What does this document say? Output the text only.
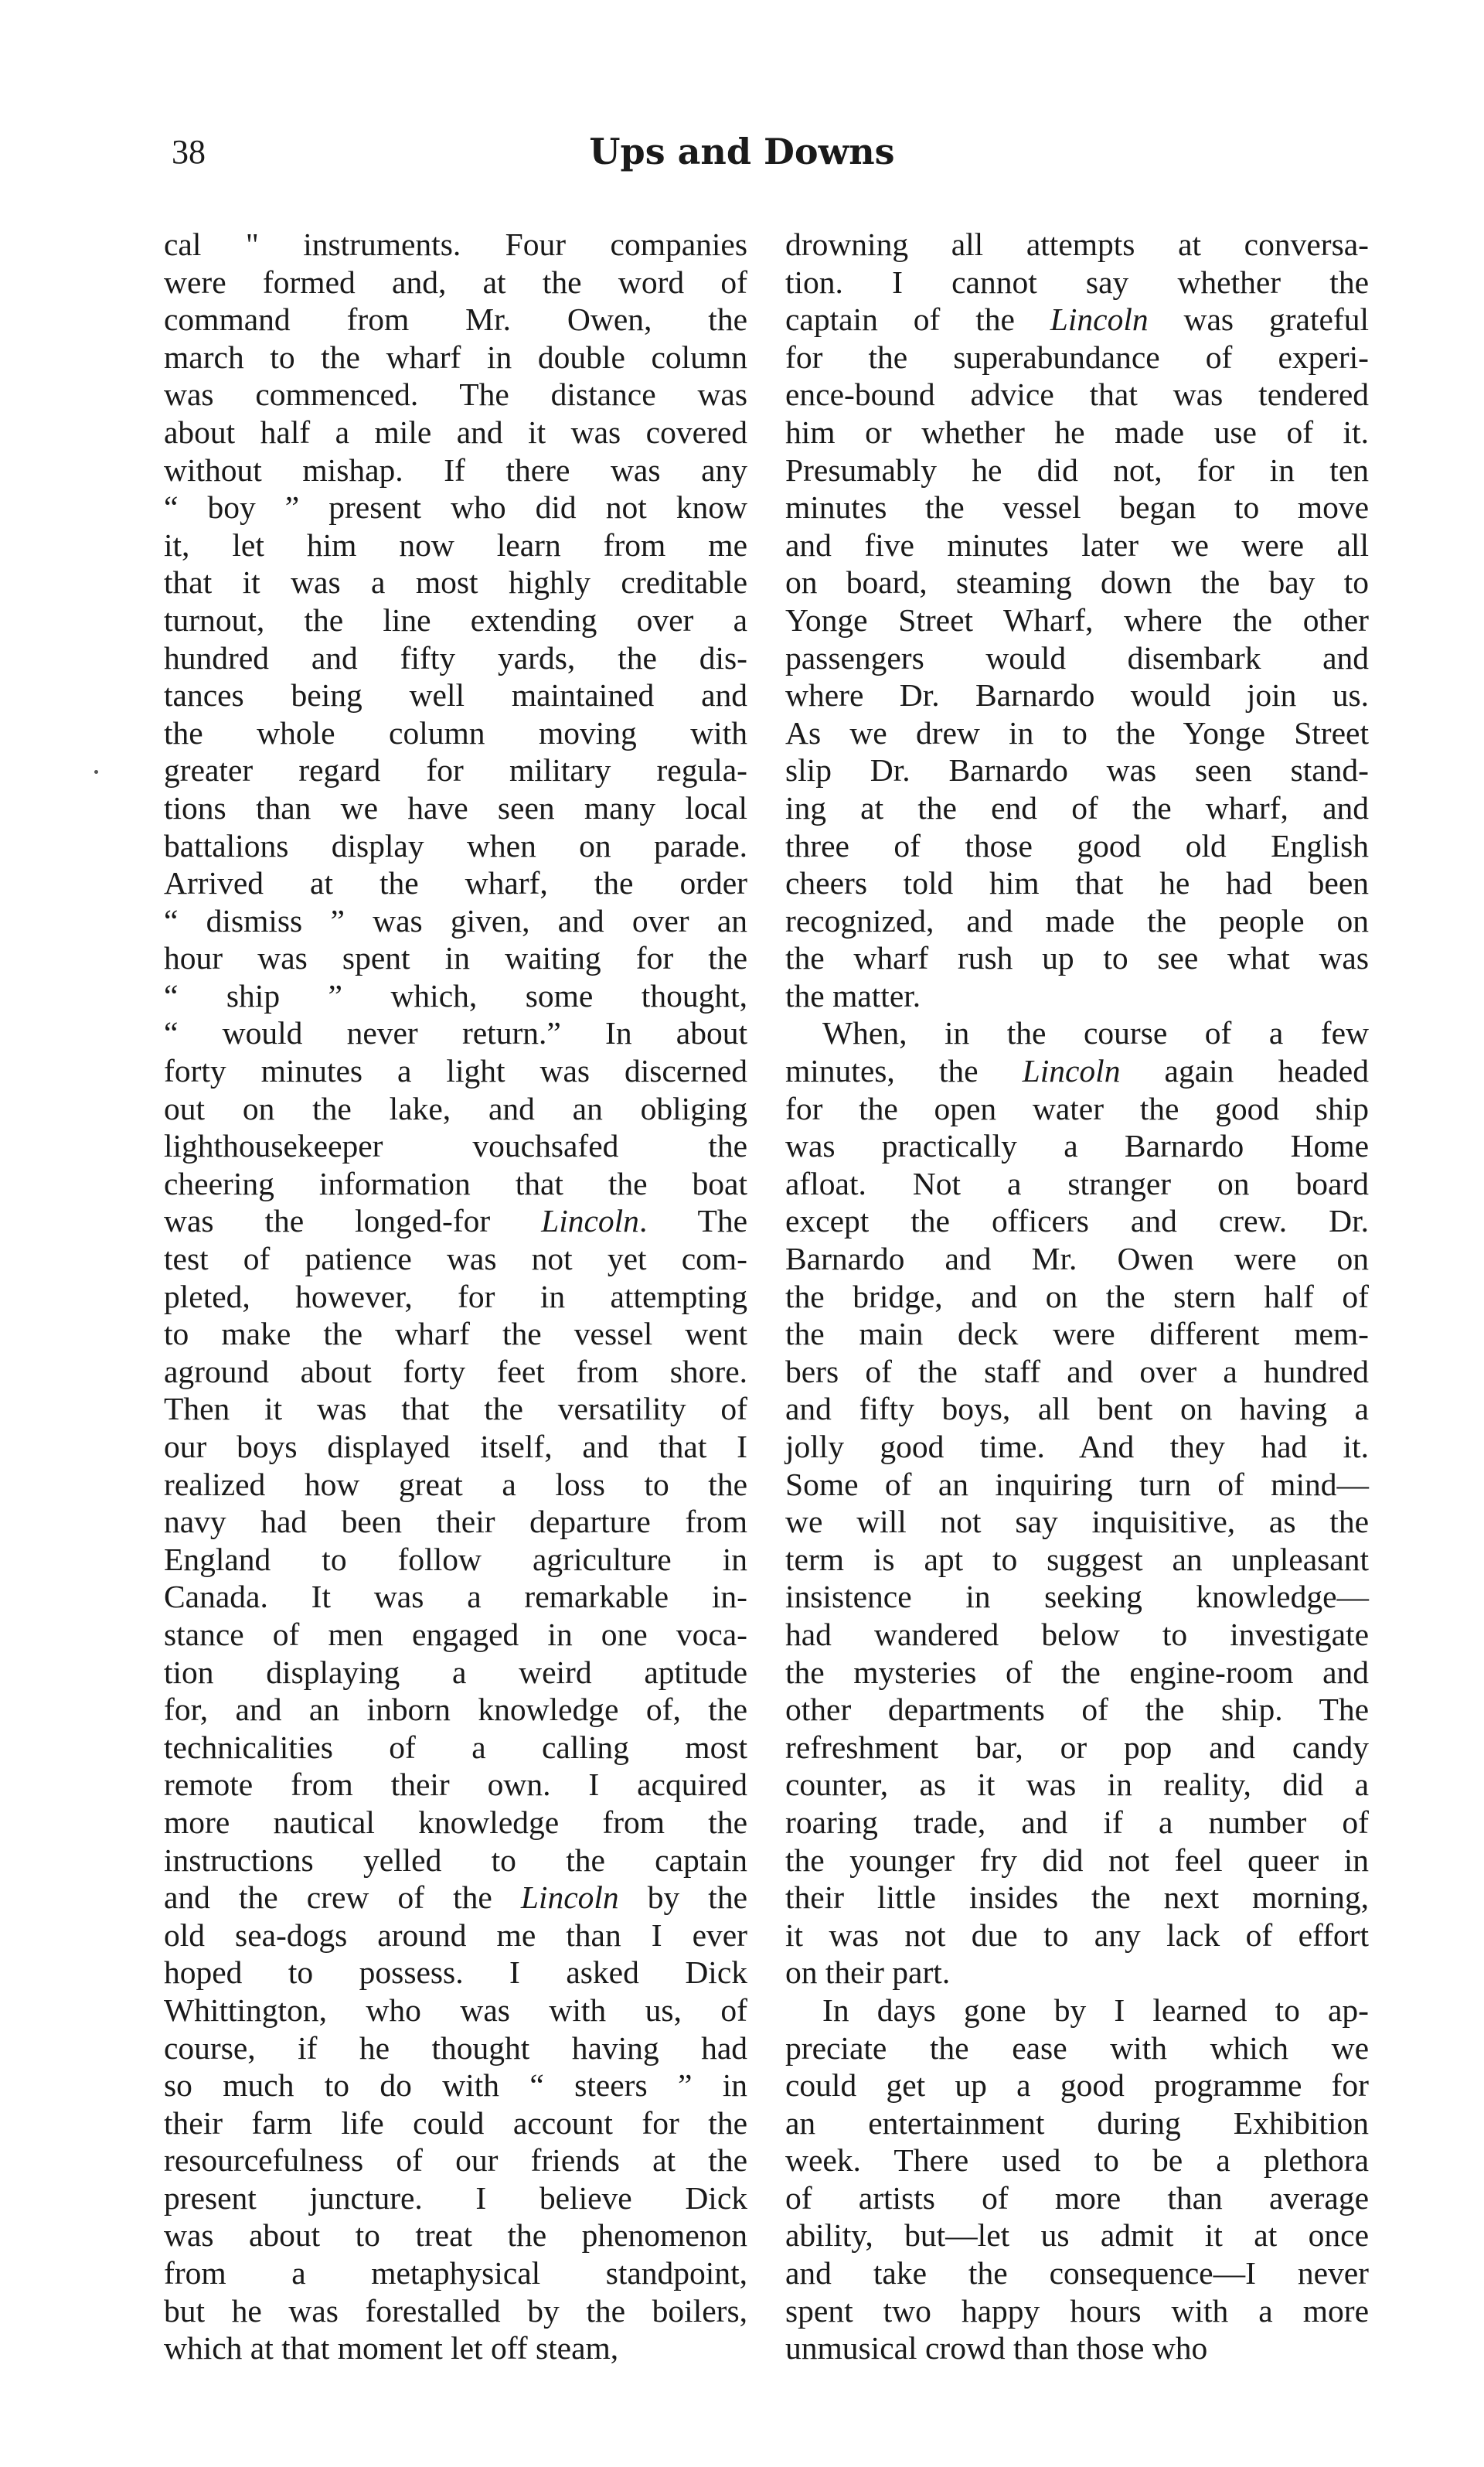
38	Ups and Downs
cal " instruments. Four companies
were formed and, at the word of
command from Mr. Owen, the
march to the wharf in double column
was commenced. The distance was
about half a mile and it was covered
without mishap. If there was any
“ boy ” present who did not know
it, let him now learn from me
that it was a most highly creditable
turnout, the line extending over a
hundred and fifty yards, the dis-
tances being well maintained and
the whole column moving with
greater regard for military regula-
tions than we have seen many local
battalions display when on parade.
Arrived at the wharf, the order
“ dismiss ” was given, and over an
hour was spent in waiting for the
“ ship ” which, some thought,
“ would never return.” In about
forty minutes a light was discerned
out on the lake, and an obliging
lighthousekeeper vouchsafed the
cheering information that the boat
was the longed-for Lincoln. The
test of patience was not yet com-
pleted, however, for in attempting
to make the wharf the vessel went
aground about forty feet from shore.
Then it was that the versatility of
our boys displayed itself, and that I
realized how great a loss to the
navy had been their departure from
England to follow agriculture in
Canada. It was a remarkable in-
stance of men engaged in one voca-
tion displaying a weird aptitude
for, and an inborn knowledge of, the
technicalities of a calling most
remote from their own. I acquired
more nautical knowledge from the
instructions yelled to the captain
and the crew of the Lincoln by the
old sea-dogs around me than I ever
hoped to possess. I asked Dick
Whittington, who was with us, of
course, if he thought having had
so much to do with “ steers ” in
their farm life could account for the
resourcefulness of our friends at the
present juncture. I believe Dick
was about to treat the phenomenon
from a metaphysical standpoint,
but he was forestalled by the boilers,
which at that moment let off steam,
drowning all attempts at conversa-
tion. I cannot say whether the
captain of the Lincoln was grateful
for the superabundance of experi-
ence-bound advice that was tendered
him or whether he made use of it.
Presumably he did not, for in ten
minutes the vessel began to move
and five minutes later we were all
on board, steaming down the bay to
Yonge Street Wharf, where the other
passengers would disembark and
where Dr. Barnardo would join us.
As we drew in to the Yonge Street
slip Dr. Barnardo was seen stand-
ing at the end of the wharf, and
three of those good old English
cheers told him that he had been
recognized, and made the people on
the wharf rush up to see what was
the matter.
When, in the course of a few
minutes, the Lincoln again headed
for the open water the good ship
was practically a Barnardo Home
afloat. Not a stranger on board
except the officers and crew. Dr.
Barnardo and Mr. Owen were on
the bridge, and on the stern half of
the main deck were different mem-
bers of the staff and over a hundred
and fifty boys, all bent on having a
jolly good time. And they had it.
Some of an inquiring turn of mind—
we will not say inquisitive, as the
term is apt to suggest an unpleasant
insistence in seeking knowledge—
had wandered below to investigate
the mysteries of the engine-room and
other departments of the ship. The
refreshment bar, or pop and candy
counter, as it was in reality, did a
roaring trade, and if a number of
the younger fry did not feel queer in
their little insides the next morning,
it was not due to any lack of effort
on their part.
In days gone by I learned to ap-
preciate the ease with which we
could get up a good programme for
an entertainment during Exhibition
week. There used to be a plethora
of artists of more than average
ability, but—let us admit it at once
and take the consequence—I never
spent two happy hours with a more
unmusical crowd than those who
